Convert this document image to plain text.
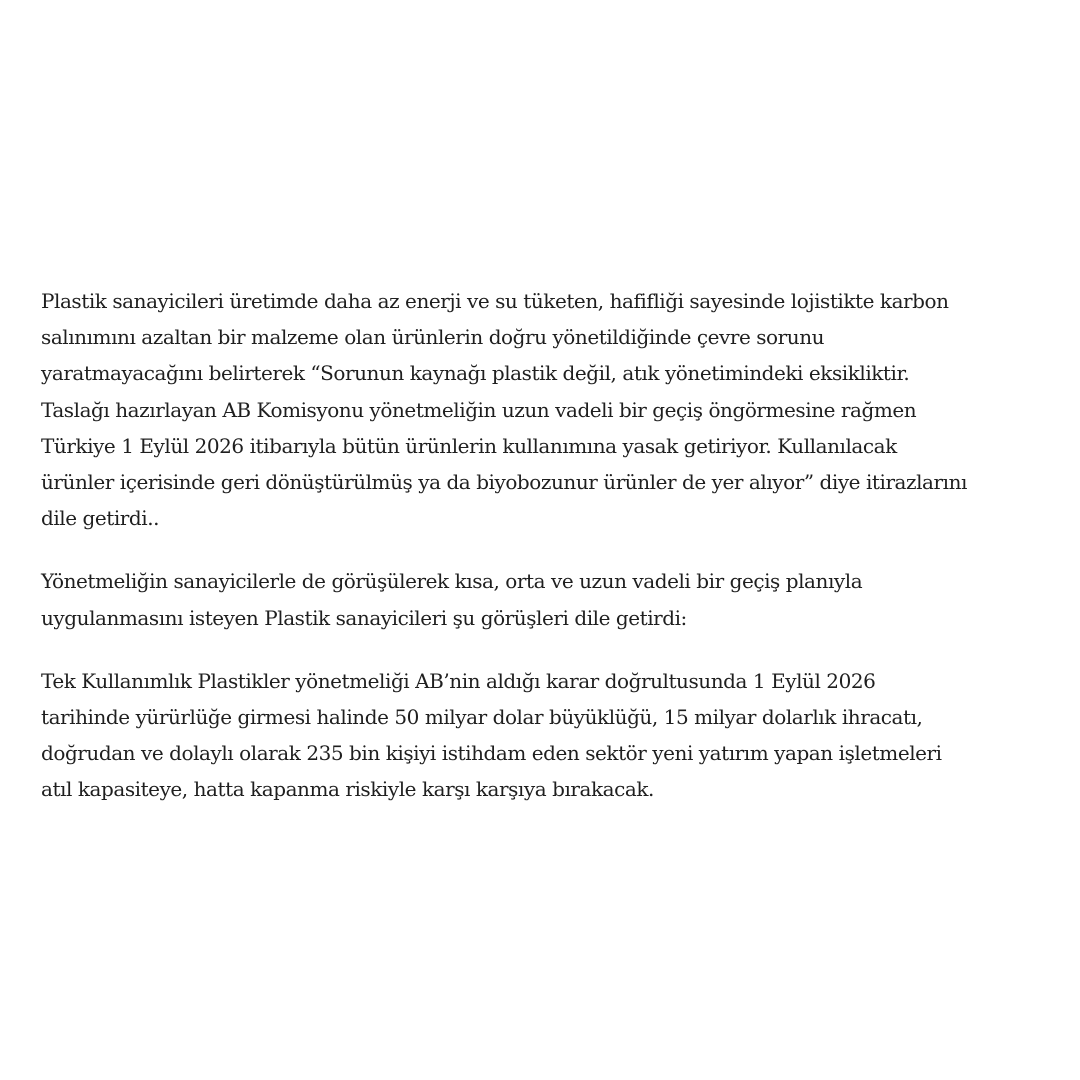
Plastik sanayicileri üretimde daha az enerji ve su tüketen, hafifliği sayesinde lojistikte karbon
salınımını azaltan bir malzeme olan ürünlerin doğru yönetildiğinde çevre sorunu
yaratmayacağını belirterek “Sorunun kaynağı plastik değil, atık yönetimindeki eksikliktir.
Taslağı hazırlayan AB Komisyonu yönetmeliğin uzun vadeli bir geçiş öngörmesine rağmen
Türkiye 1 Eylül 2026 itibarıyla bütün ürünlerin kullanımına yasak getiriyor. Kullanılacak
ürünler içerisinde geri dönüştürülmüş ya da biyobozunur ürünler de yer alıyor” diye itirazlarını
dile getirdi..
Yönetmeliğin sanayicilerle de görüşülerek kısa, orta ve uzun vadeli bir geçiş planıyla
uygulanmasını isteyen Plastik sanayicileri şu görüşleri dile getirdi:
Tek Kullanımlık Plastikler yönetmeliği AB’nin aldığı karar doğrultusunda 1 Eylül 2026
tarihinde yürürlüğe girmesi halinde 50 milyar dolar büyüklüğü, 15 milyar dolarlık ihracatı,
doğrudan ve dolaylı olarak 235 bin kişiyi istihdam eden sektör yeni yatırım yapan işletmeleri
atıl kapasiteye, hatta kapanma riskiyle karşı karşıya bırakacak.
